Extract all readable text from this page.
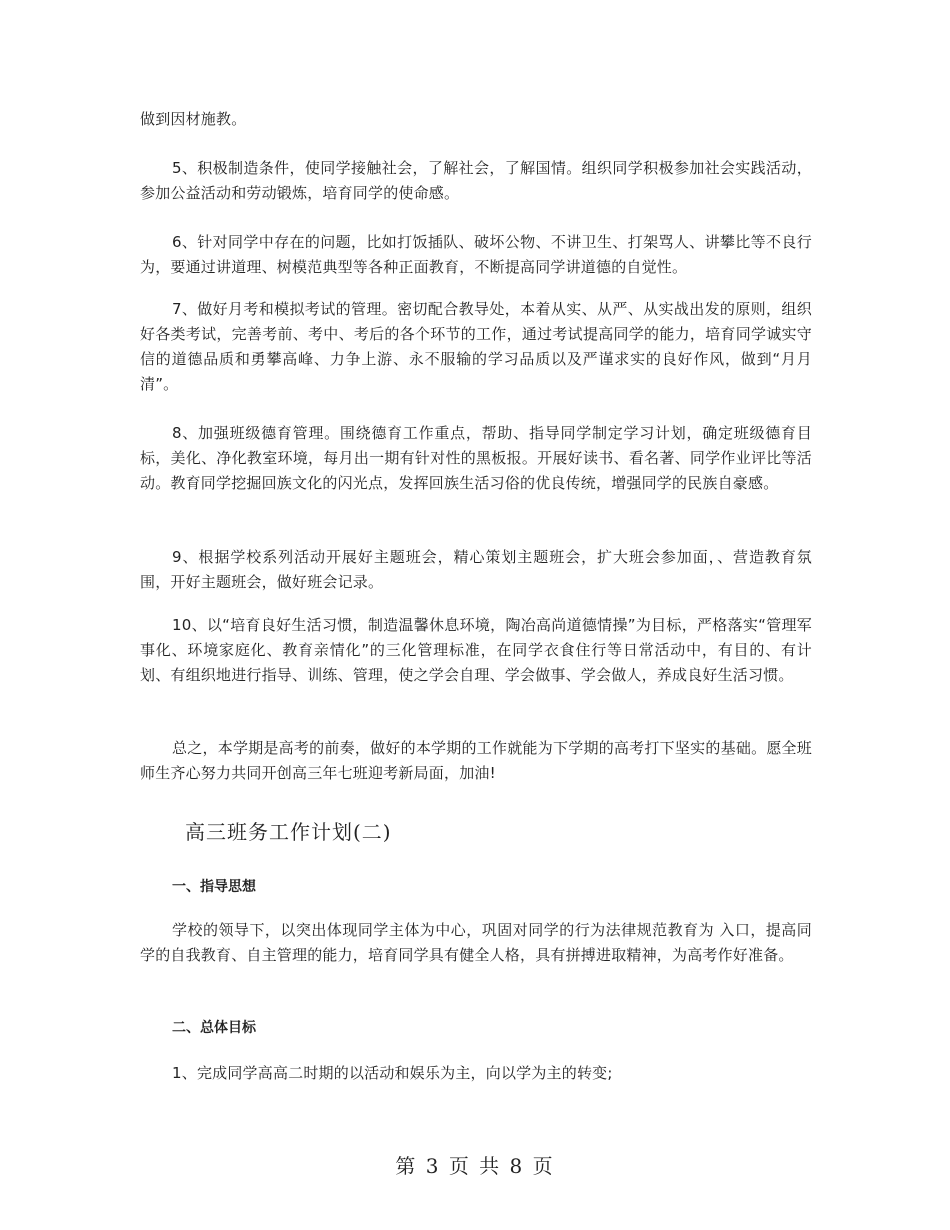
做到因材施教。

5、积极制造条件，使同学接触社会，了解社会，了解国情。组织同学积极参加社会实践活动，参加公益活动和劳动锻炼，培育同学的使命感。

6、针对同学中存在的问题，比如打饭插队、破坏公物、不讲卫生、打架骂人、讲攀比等不良行为，要通过讲道理、树模范典型等各种正面教育，不断提高同学讲道德的自觉性。

7、做好月考和模拟考试的管理。密切配合教导处，本着从实、从严、从实战出发的原则，组织好各类考试，完善考前、考中、考后的各个环节的工作，通过考试提高同学的能力，培育同学诚实守信的道德品质和勇攀高峰、力争上游、永不服输的学习品质以及严谨求实的良好作风，做到“月月清”。

8、加强班级德育管理。围绕德育工作重点，帮助、指导同学制定学习计划，确定班级德育目标，美化、净化教室环境，每月出一期有针对性的黑板报。开展好读书、看名著、同学作业评比等活动。教育同学挖掘回族文化的闪光点，发挥回族生活习俗的优良传统，增强同学的民族自豪感。

9、根据学校系列活动开展好主题班会，精心策划主题班会，扩大班会参加面，、营造教育氛围，开好主题班会，做好班会记录。

10、以“培育良好生活习惯，制造温馨休息环境，陶冶高尚道德情操”为目标，严格落实“管理军事化、环境家庭化、教育亲情化”的三化管理标准，在同学衣食住行等日常活动中，有目的、有计划、有组织地进行指导、训练、管理，使之学会自理、学会做事、学会做人，养成良好生活习惯。

总之，本学期是高考的前奏，做好的本学期的工作就能为下学期的高考打下坚实的基础。愿全班师生齐心努力共同开创高三年七班迎考新局面，加油!

高三班务工作计划(二)
一、指导思想

学校的领导下，以突出体现同学主体为中心，巩固对同学的行为法律规范教育为 入口，提高同学的自我教育、自主管理的能力，培育同学具有健全人格，具有拼搏进取精神，为高考作好准备。

二、总体目标

1、完成同学高高二时期的以活动和娱乐为主，向以学为主的转变;

第 3 页 共 8 页
